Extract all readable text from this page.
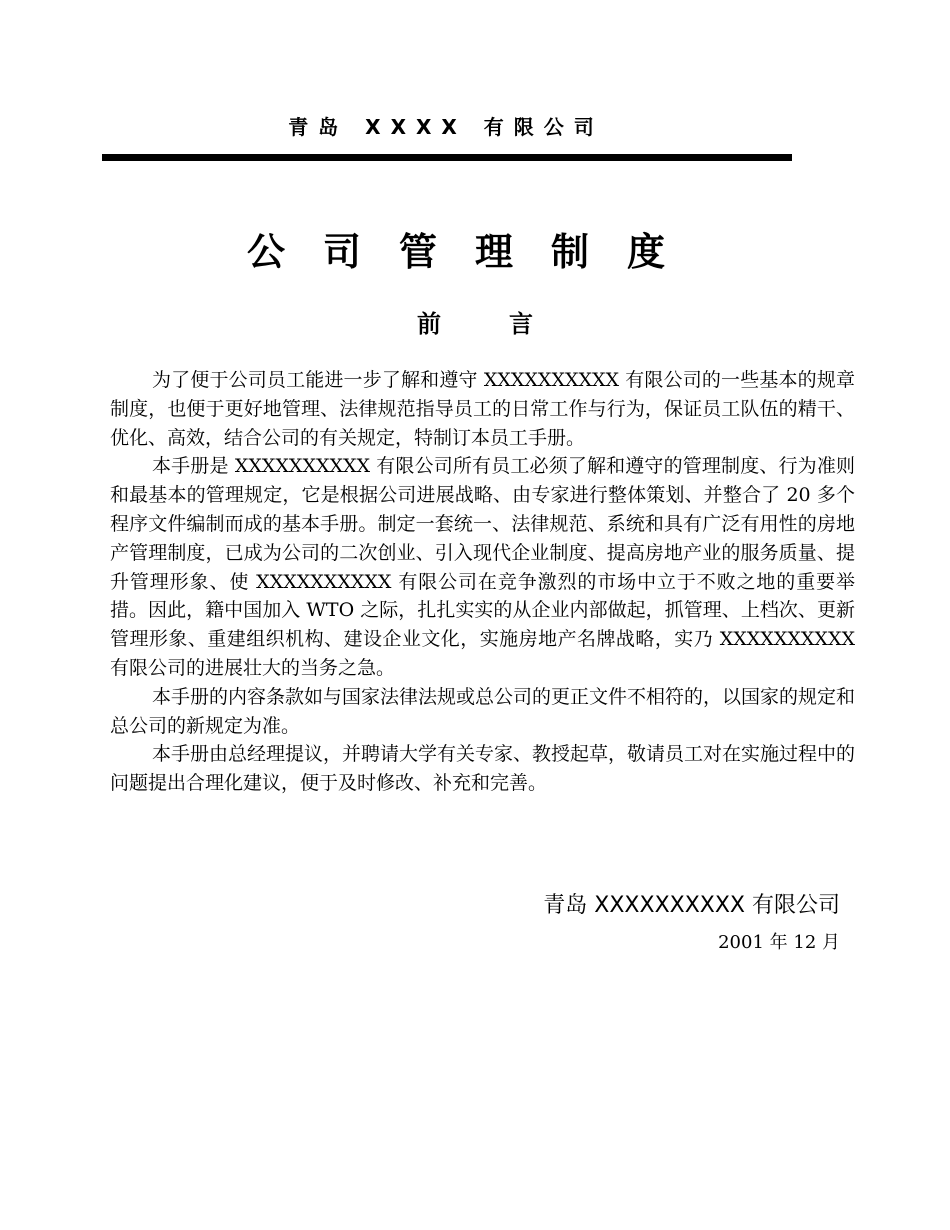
青岛 XXXX 有限公司
公司管理制度
前言

为了便于公司员工能进一步了解和遵守 XXXXXXXXXX 有限公司的一些基本的规章制度，也便于更好地管理、法律规范指导员工的日常工作与行为，保证员工队伍的精干、优化、高效，结合公司的有关规定，特制订本员工手册。

本手册是 XXXXXXXXXX 有限公司所有员工必须了解和遵守的管理制度、行为准则和最基本的管理规定，它是根据公司进展战略、由专家进行整体策划、并整合了 20 多个程序文件编制而成的基本手册。制定一套统一、法律规范、系统和具有广泛有用性的房地产管理制度，已成为公司的二次创业、引入现代企业制度、提高房地产业的服务质量、提升管理形象、使 XXXXXXXXXX 有限公司在竞争激烈的市场中立于不败之地的重要举措。因此，籍中国加入 WTO 之际，扎扎实实的从企业内部做起，抓管理、上档次、更新管理形象、重建组织机构、建设企业文化，实施房地产名牌战略，实乃 XXXXXXXXXX 有限公司的进展壮大的当务之急。

本手册的内容条款如与国家法律法规或总公司的更正文件不相符的，以国家的规定和总公司的新规定为准。

本手册由总经理提议，并聘请大学有关专家、教授起草，敬请员工对在实施过程中的问题提出合理化建议，便于及时修改、补充和完善。

青岛 XXXXXXXXXX 有限公司
2001 年 12 月
